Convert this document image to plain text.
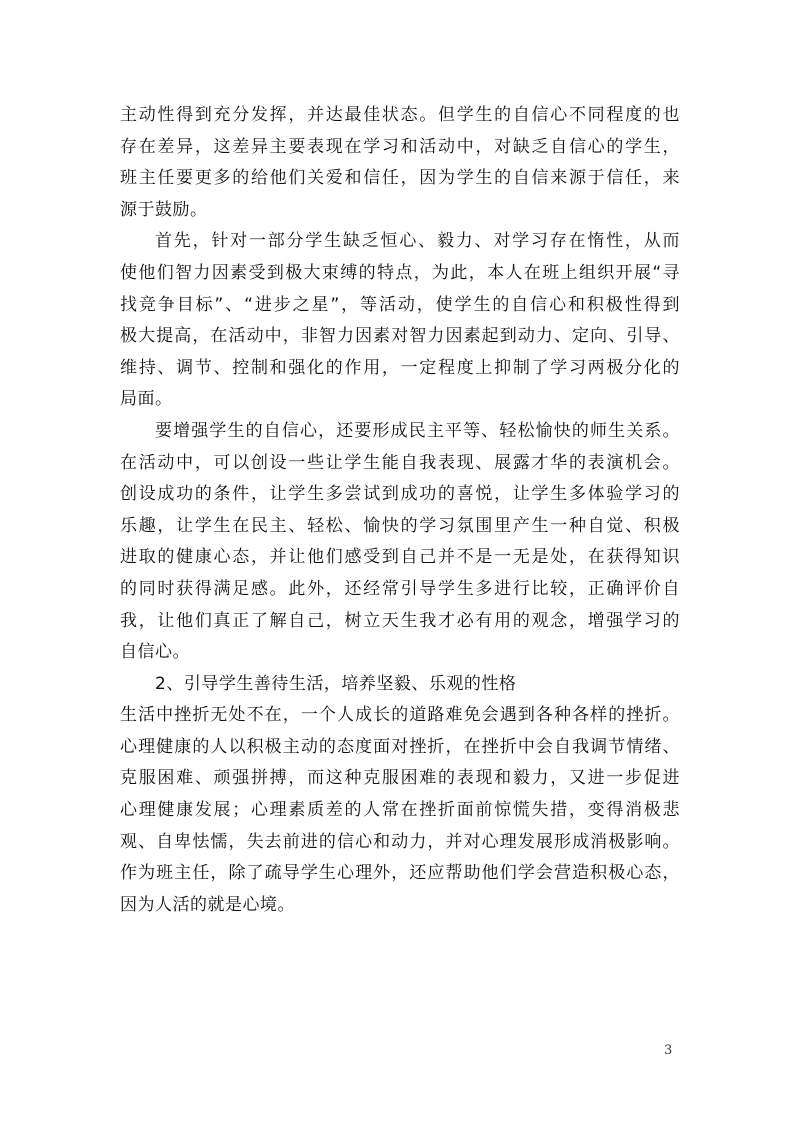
主动性得到充分发挥，并达最佳状态。但学生的自信心不同程度的也
存在差异，这差异主要表现在学习和活动中，对缺乏自信心的学生，
班主任要更多的给他们关爱和信任，因为学生的自信来源于信任，来
源于鼓励。
首先，针对一部分学生缺乏恒心、毅力、对学习存在惰性，从而
使他们智力因素受到极大束缚的特点，为此，本人在班上组织开展“寻
找竞争目标”、“进步之星”，等活动，使学生的自信心和积极性得到
极大提高，在活动中，非智力因素对智力因素起到动力、定向、引导、
维持、调节、控制和强化的作用，一定程度上抑制了学习两极分化的
局面。
要增强学生的自信心，还要形成民主平等、轻松愉快的师生关系。
在活动中，可以创设一些让学生能自我表现、展露才华的表演机会。
创设成功的条件，让学生多尝试到成功的喜悦，让学生多体验学习的
乐趣，让学生在民主、轻松、愉快的学习氛围里产生一种自觉、积极
进取的健康心态，并让他们感受到自己并不是一无是处，在获得知识
的同时获得满足感。此外，还经常引导学生多进行比较，正确评价自
我，让他们真正了解自己，树立天生我才必有用的观念，增强学习的
自信心。
2、引导学生善待生活，培养坚毅、乐观的性格
生活中挫折无处不在，一个人成长的道路难免会遇到各种各样的挫折。
心理健康的人以积极主动的态度面对挫折，在挫折中会自我调节情绪、
克服困难、顽强拼搏，而这种克服困难的表现和毅力，又进一步促进
心理健康发展；心理素质差的人常在挫折面前惊慌失措，变得消极悲
观、自卑怯懦，失去前进的信心和动力，并对心理发展形成消极影响。
作为班主任，除了疏导学生心理外，还应帮助他们学会营造积极心态，
因为人活的就是心境。
3
